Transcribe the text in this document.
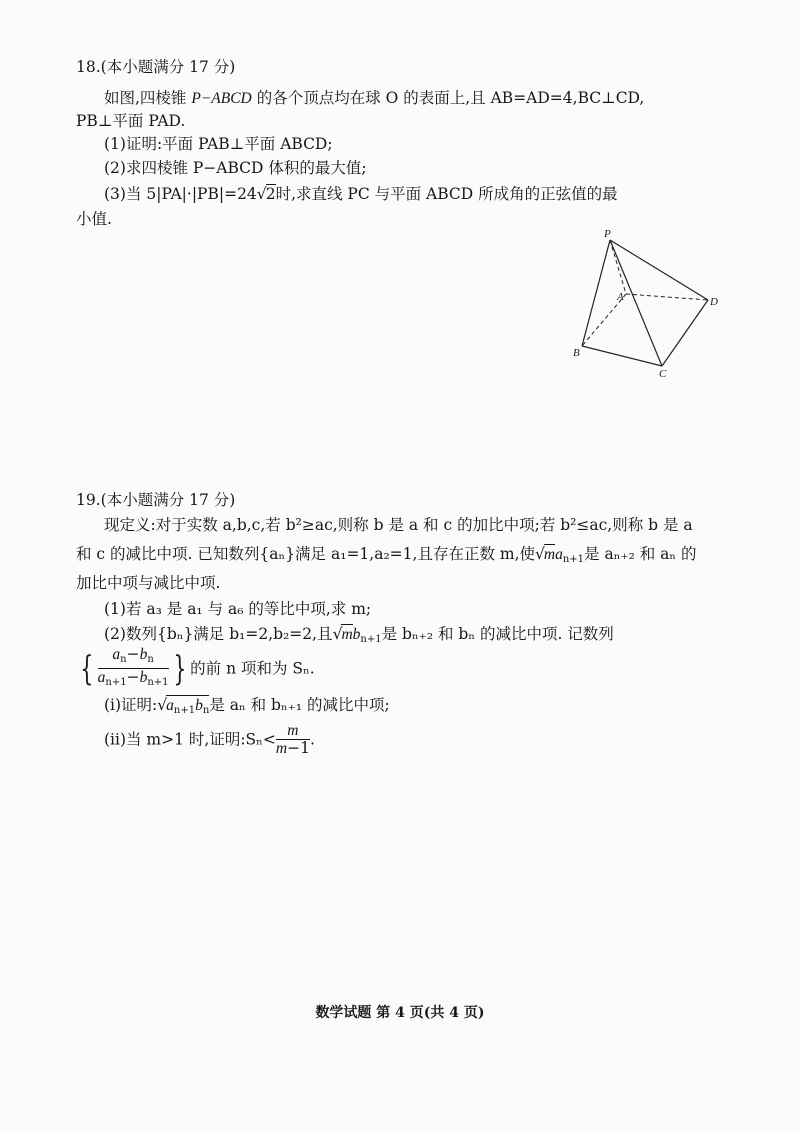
18.(本小题满分 17 分)
如图,四棱锥 P−ABCD 的各个顶点均在球 O 的表面上,且 AB=AD=4,BC⊥CD,
PB⊥平面 PAD.
(1)证明:平面 PAB⊥平面 ABCD;
(2)求四棱锥 P−ABCD 体积的最大值;
(3)当 5|PA|·|PB|=24√2时,求直线 PC 与平面 ABCD 所成角的正弦值的最
小值.
P
A
B
C
D
19.(本小题满分 17 分)
现定义:对于实数 a,b,c,若 b²≥ac,则称 b 是 a 和 c 的加比中项;若 b²≤ac,则称 b 是 a
和 c 的减比中项. 已知数列{aₙ}满足 a₁=1,a₂=1,且存在正数 m,使$√ma_{n+1}$是 aₙ₊₂ 和 aₙ 的
加比中项与减比中项.
(1)若 a₃ 是 a₁ 与 a₆ 的等比中项,求 m;
(2)数列{bₙ}满足 b₁=2,b₂=2,且$√mb_{n+1}$是 bₙ₊₂ 和 bₙ 的减比中项. 记数列
{ $\frac{a_n-b_n}{a_{n+1}-b_{n+1}}$ } 的前 n 项和为 Sₙ.
(ⅰ)证明$:√a_{n+1}b_n$是 aₙ 和 bₙ₊₁ 的减比中项;
(ⅱ)当 m>1 时,证明:Sₙ< $\frac{m}{m-1}$ .
数学试题 第 4 页(共 4 页)
